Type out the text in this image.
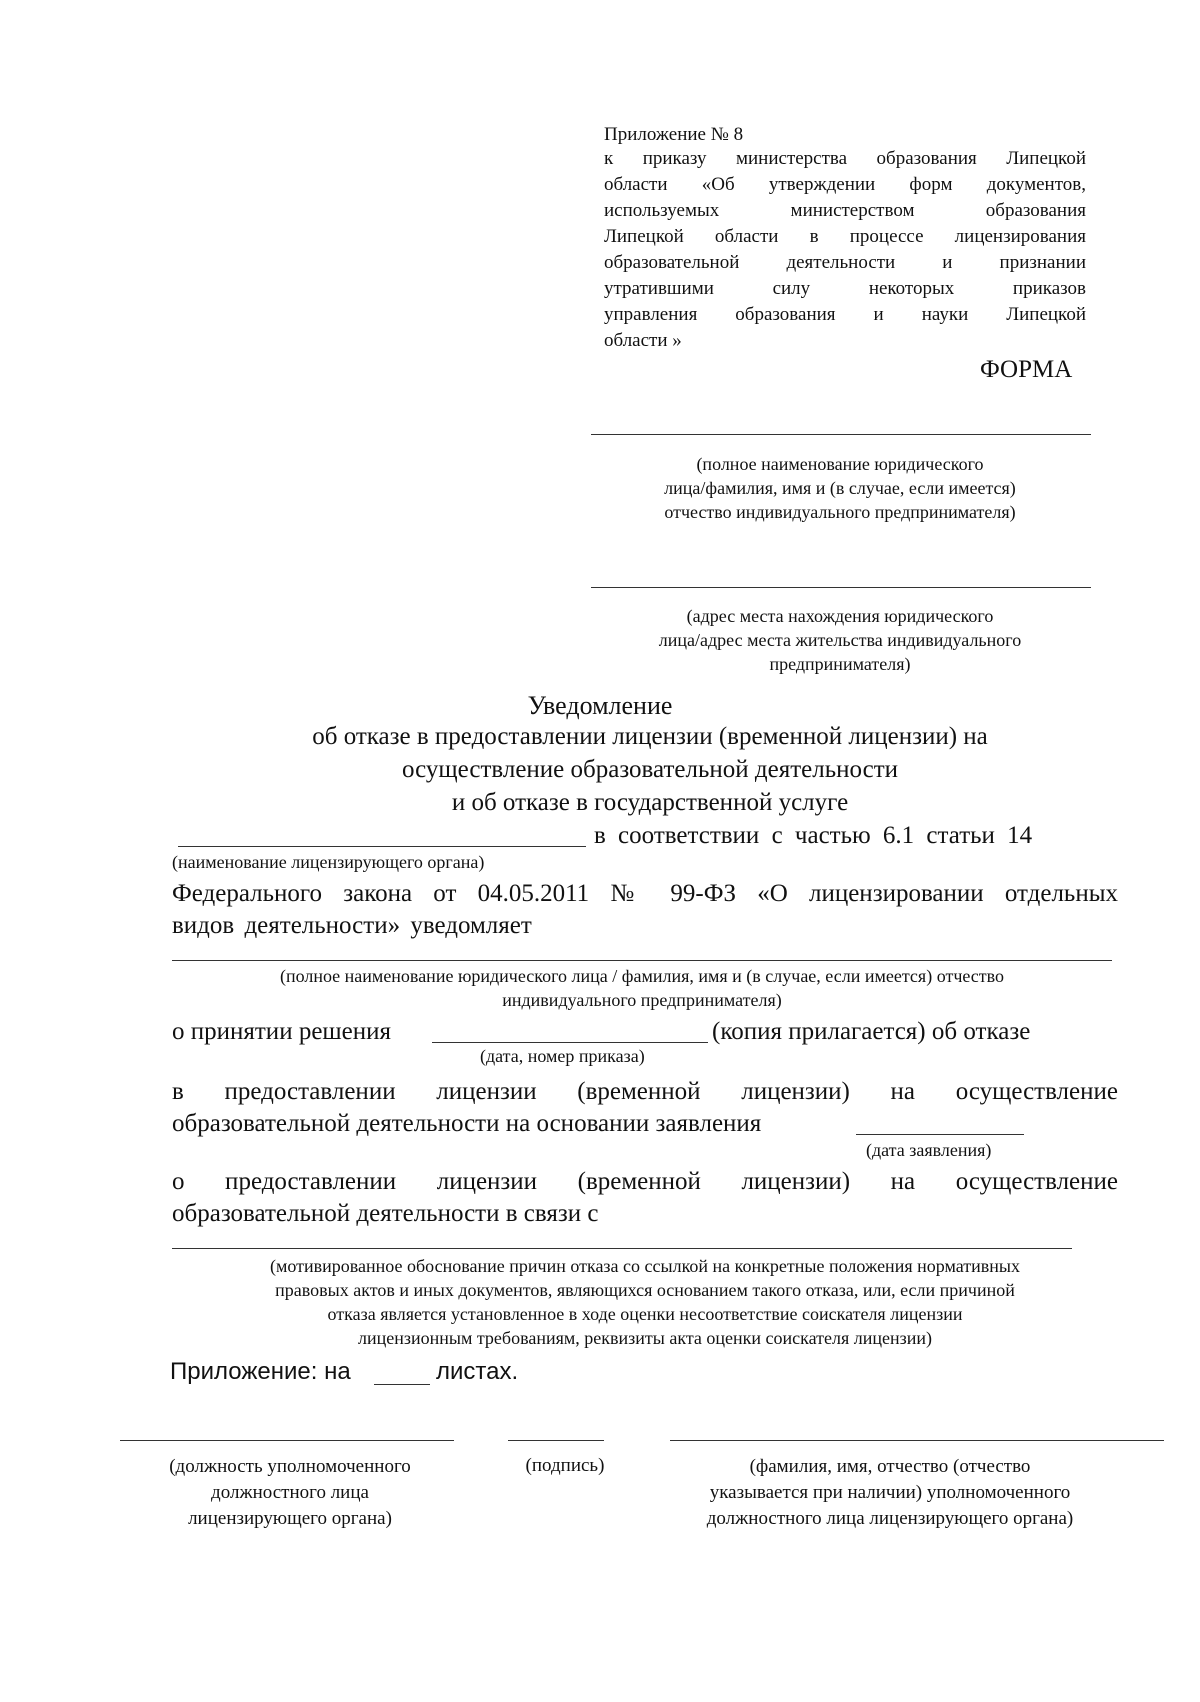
Приложение № 8
к приказу министерства образования Липецкой
области «Об утверждении форм документов,
используемых министерством образования
Липецкой области в процессе лицензирования
образовательной деятельности и признании
утратившими силу некоторых приказов
управления образования и науки Липецкой
области »
ФОРМА
(полное наименование юридического
лица/фамилия, имя и (в случае, если имеется)
отчество индивидуального предпринимателя)
(адрес места нахождения юридического
лица/адрес места жительства индивидуального
предпринимателя)
Уведомление
об отказе в предоставлении лицензии (временной лицензии) на
осуществление образовательной деятельности
и об отказе в государственной услуге
в соответствии с частью 6.1 статьи 14
(наименование лицензирующего органа)
Федерального закона от 04.05.2011 № 99-ФЗ «О лицензировании отдельных
видов деятельности» уведомляет
(полное наименование юридического лица / фамилия, имя и (в случае, если имеется) отчество
индивидуального предпринимателя)
о принятии решения	(копия прилагается) об отказе
(дата, номер приказа)
в предоставлении лицензии (временной лицензии) на осуществление
образовательной деятельности на основании заявления
(дата заявления)
о предоставлении лицензии (временной лицензии) на осуществление
образовательной деятельности в связи с
(мотивированное обоснование причин отказа со ссылкой на конкретные положения нормативных
правовых актов и иных документов, являющихся основанием такого отказа, или, если причиной
отказа является установленное в ходе оценки несоответствие соискателя лицензии
лицензионным требованиям, реквизиты акта оценки соискателя лицензии)
Приложение: на	листах.
(должность уполномоченного
должностного лица
лицензирующего органа)
(подпись)	(фамилия, имя, отчество (отчество
указывается при наличии) уполномоченного
должностного лица лицензирующего органа)
